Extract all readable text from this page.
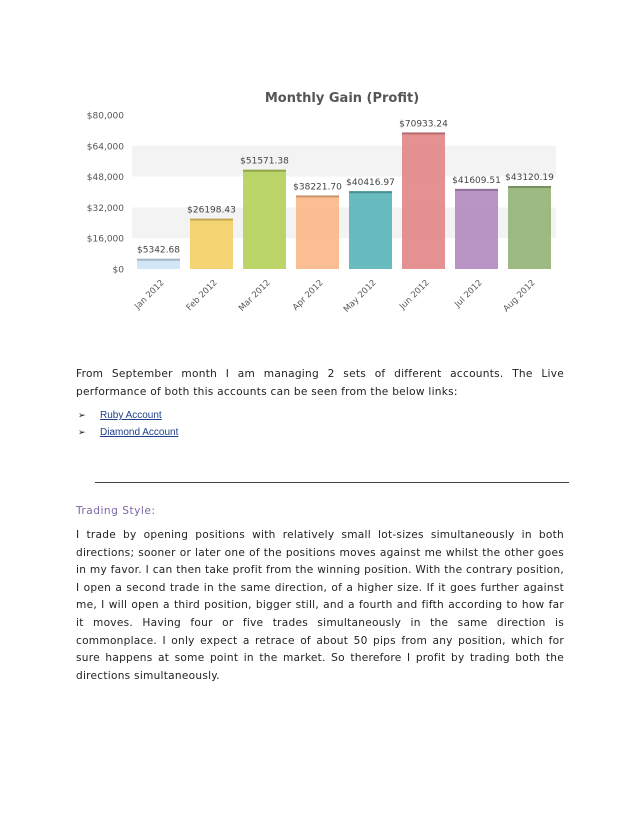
Monthly Gain (Profit)
$0
$16,000
$32,000
$48,000
$64,000
$80,000
$5342.68
$26198.43
$51571.38
$38221.70 $40416.97
$70933.24
$41609.51 $43120.19
Jan 2012 Feb 2012 Mar 2012 Apr 2012 May 2012 Jun 2012	Jul 2012 Aug 2012

From September month I am managing 2 sets of different accounts. The Live performance of both this accounts can be seen from the below links:

➢	Ruby Account
➢	Diamond Account
Trading Style:

I trade by opening positions with relatively small lot-sizes simultaneously in both directions; sooner or later one of the positions moves against me whilst the other goes in my favor. I can then take profit from the winning position. With the contrary position, I open a second trade in the same direction, of a higher size. If it goes further against me, I will open a third position, bigger still, and a fourth and fifth according to how far it moves. Having four or five trades simultaneously in the same direction is commonplace. I only expect a retrace of about 50 pips from any position, which for sure happens at some point in the market. So therefore I profit by trading both the directions simultaneously.
